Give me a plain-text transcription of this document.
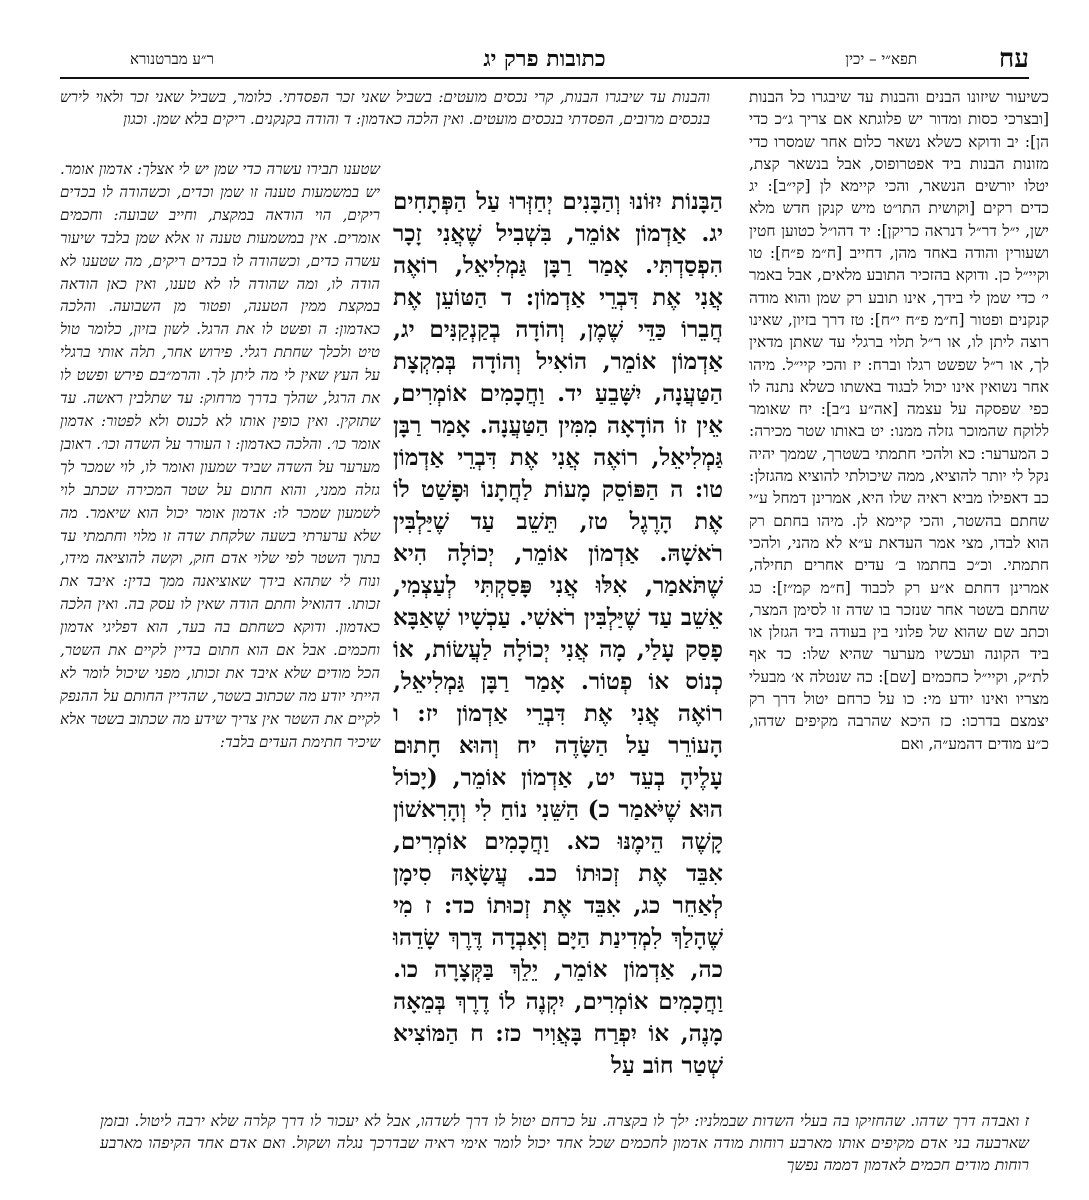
עח
תפא״י – יכין
כתובות פרק יג
ר״ע מברטנורא

כשיעור שיזונו הבנים והבנות עד שיבגרו כל הבנות [ובצרכי כסות ומדור יש פלוגתא אם צריך ג״כ כדי הן]: יב ודוקא כשלא נשאר כלום אחר שמסרו כדי מזונות הבנות ביד אפטרופוס, אבל בנשאר קצת, יטלו יורשים הנשאר, והכי קיימא לן [קי״ב]: יג כדים רקים [וקושית התו״ט מיש קנקן חדש מלא ישן, י״ל דר״ל דנראה כריקן]: יד דהו״ל כטוען חטין ושעורין והודה באחד מהן, דחייב [ח״מ פ״ח]: טו וקיי״ל כן. ודוקא בהזכיר התובע מלאים, אבל באמר י׳ כדי שמן לי בידך, אינו תובע רק שמן והוא מודה קנקנים ופטור [ח״מ פ״ח י״ח]: טז דרך בזיון, שאינו רוצה ליתן לו, או ר״ל תלוי ברגלי עד שאתן מדאין לך, או ר״ל שפשט רגלו וברח: יז והכי קיי״ל. מיהו אחר נשואין אינו יכול לבגוד באשתו כשלא נתנה לו כפי שפסקה על עצמה [אה״ע נ״ב]: יח שאומר ללוקח שהמוכר גזלה ממנו: יט באותו שטר מכירה: כ המערער: כא ולהכי חתמתי בשטרך, שממך יהיה נקל לי יותר להוציא, ממה שיכולתי להוציא מהגזלן: כב דאפילו מביא ראיה שלו היא, אמרינן דמחל ע״י שחתם בהשטר, והכי קיימא לן. מיהו בחתם רק הוא לבדו, מצי אמר העדאת ע״א לא מהני, ולהכי חתמתי. וכ״כ בחתמו ב׳ עדים אחרים תחילה, אמרינן דחתם א״ע רק לכבוד [ח״מ קמ״ז]: כג שחתם בשטר אחר שנזכר בו שדה זו לסימן המצר, וכתב שם שהוא של פלוני בין בעודה ביד הגזלן או ביד הקונה ועכשיו מערער שהיא שלו: כד אף לת״ק, וקיי״ל כחכמים [שם]: כה שנטלה א׳ מבעלי מצריו ואינו יודע מי: כו על כרחם יטול דרך רק יצמצם בדרכו: כז היכא שהרבה מקיפים שדהו, כ״ע מודים דהמע״ה, ואם

והבנות עד שיבגרו הבנות, קרי נכסים מועטים: בשביל שאני זכר הפסדתי. כלומר, בשביל שאני זכר ולאוי לירש בנכסים מרובים, הפסדתי בנכסים מועטים. ואין הלכה כאדמון: ד והודה בקנקנים. ריקים בלא שמן. וכגון

הַבָּנוֹת יִזּוֹנוּ וְהַבָּנִים יְחַזְּרוּ עַל הַפְּתָחִים יג. אַדְמוֹן אוֹמֵר, בִּשְׁבִיל שֶׁאֲנִי זָכָר הִפְסַדְתִּי. אָמַר רַבָּן גַּמְלִיאֵל, רוֹאֶה אֲנִי אֶת דִּבְרֵי אַדְמוֹן: ד הַטּוֹעֵן אֶת חֲבֵרוֹ כַּדֵּי שֶׁמֶן, וְהוֹדָה בְקַנְקַנִּים יג, אַדְמוֹן אוֹמֵר, הוֹאִיל וְהוֹדָה בְּמִקְצָת הַטַּעֲנָה, יִשָּׁבֵעַ יד. וַחֲכָמִים אוֹמְרִים, אֵין זוֹ הוֹדָאָה מִמִּין הַטַּעֲנָה. אָמַר רַבָּן גַּמְלִיאֵל, רוֹאֶה אֲנִי אֶת דִּבְרֵי אַדְמוֹן טו: ה הַפּוֹסֵק מָעוֹת לַחֲתָנוֹ וּפָשַׁט לוֹ אֶת הָרֶגֶל טז, תֵּשֵׁב עַד שֶׁיַּלְבִּין רֹאשָׁהּ. אַדְמוֹן אוֹמֵר, יְכוֹלָה הִיא שֶׁתֹּאמַר, אִלּוּ אֲנִי פָּסַקְתִּי לְעַצְמִי, אֵשֵׁב עַד שֶׁיַּלְבִּין רֹאשִׁי. עַכְשָׁיו שֶׁאַבָּא פָסַק עָלַי, מָה אֲנִי יְכוֹלָה לַעֲשׂוֹת, אוֹ כְנוֹס אוֹ פְטוֹר. אָמַר רַבָּן גַּמְלִיאֵל, רוֹאֶה אֲנִי אֶת דִּבְרֵי אַדְמוֹן יז: ו הָעוֹרֵר עַל הַשָּׂדֶה יח וְהוּא חָתוּם עָלֶיהָ בְעֵד יט, אַדְמוֹן אוֹמֵר, (יָכוֹל הוּא שֶׁיֹּאמַר כ) הַשֵּׁנִי נוֹחַ לִי וְהָרִאשׁוֹן קָשֶׁה הֵימֶנּוּ כא. וַחֲכָמִים אוֹמְרִים, אִבֵּד אֶת זְכוּתוֹ כב. עֲשָׂאָהּ סִימָן לְאַחֵר כג, אִבֵּד אֶת זְכוּתוֹ כד: ז מִי שֶׁהָלַךְ לִמְדִינַת הַיָּם וְאָבְדָה דֶּרֶךְ שָׂדֵהוּ כה, אַדְמוֹן אוֹמֵר, יֵלֵךְ בַּקְּצָרָה כו. וַחֲכָמִים אוֹמְרִים, יִקְנֶה לוֹ דֶרֶךְ בְּמֵאָה מָנֶה, אוֹ יִפְרַח בָּאֲוִיר כז: ח הַמּוֹצִיא שְׁטַר חוֹב עַל

שטענו תבירו עשרה כדי שמן יש לי אצלך: אדמון אומר. יש במשמעות טענה זו שמן וכדים, וכשהודה לו בכדים ריקים, הוי הודאה במקצת, וחייב שבועה: וחכמים אומרים. אין במשמעות טענה זו אלא שמן בלבד שיעור עשרה כדים, וכשהודה לו בכדים ריקים, מה שטענו לא הודה לו, ומה שהודה לו לא טענו, ואין כאן הודאה במקצת ממין הטענה, ופטור מן השבועה. והלכה כאדמון: ה ופשט לו את הרגל. לשון בזיון, כלומר טול טיט ולכלך שחתת רגלי. פירוש אחר, תלה אותי ברגלי על העץ שאין לי מה ליתן לך. והרמ״בם פירש ופשט לו את הרגל, שהלך בדרך מרחוק: עד שתלבין ראשה. עד שתזקין. ואין כופין אותו לא לכנוס ולא לפטור: אדמון אומר כו׳. והלכה כאדמון: ו העורר על השדה וכו׳. ראובן מערער על השדה שביד שמעון ואומר לו, לוי שמכר לך גזלה ממני, והוא חתום על שטר המכירה שכתב לוי לשמעון שמכר לו: אדמון אומר יכול הוא שיאמר. מה שלא ערערתי בשעה שלקחת שדה זו מלוי וחתמתי עד בתוך השטר לפי שלוי אדם חזק, וקשה להוציאה מידו, ונוח לי שתהא בידך שאוציאנה ממך בדין: איבד את זכותו. דהואיל וחתם הודה שאין לו עסק בה. ואין הלכה כאדמון. ודוקא כשחתם בה בעד, הוא דפליגי אדמון וחכמים. אבל אם הוא חתום בדיין לקיים את השטר, הכל מודים שלא איבד את זכותו, מפני שיכול לומר לא הייתי יודע מה שכתוב בשטר, שהדיין החותם על ההנפק לקיים את השטר אין צריך שידע מה שכתוב בשטר אלא שיכיר חתימת העדים בלבד:

ז ואבדה דרך שדהו. שהחזיקו בה בעלי השדות שבמלניו: ילך לו בקצרה. על כרחם יטול לו דרך לשדהו, אבל לא יעכור לו דרך קלרה שלא ירבה ליטול. ובזמן שארבעה בני אדם מקיפים אותו מארבע רוחות מודה אדמון לחכמים שכל אחד יכול לומר אימי ראיה שבדרכך נגלה ושקול. ואם אדם אחד הקיפהו מארבע רוחות מודים חכמים לאדמון דממה נפשך
